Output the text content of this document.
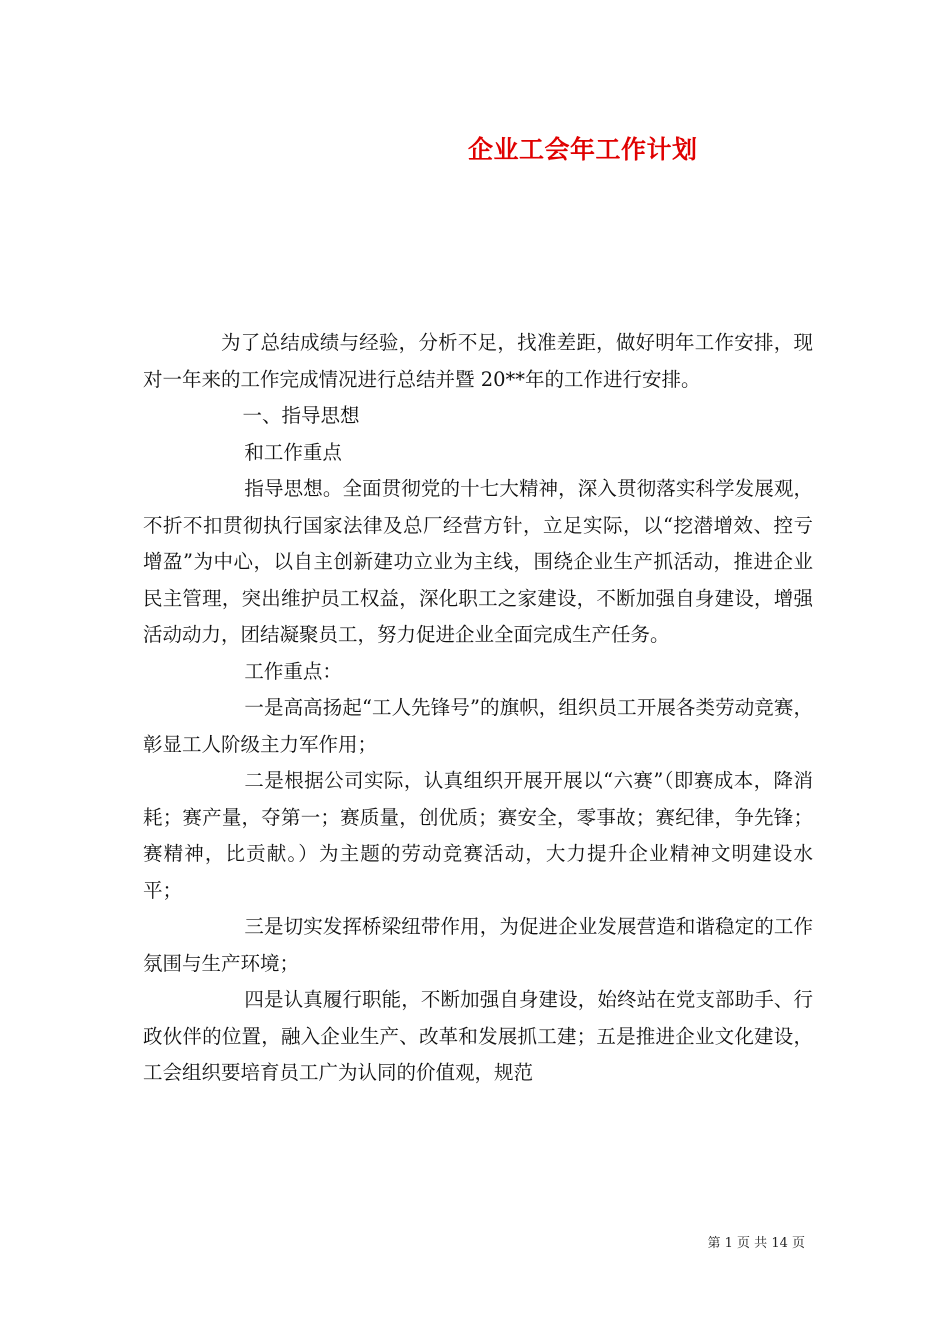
企业工会年工作计划

为了总结成绩与经验，分析不足，找准差距，做好明年工作安排，现对一年来的工作完成情况进行总结并暨 20**年的工作进行安排。

一、指导思想

和工作重点

指导思想。全面贯彻党的十七大精神，深入贯彻落实科学发展观，不折不扣贯彻执行国家法律及总厂经营方针，立足实际，以“挖潜增效、控亏增盈”为中心，以自主创新建功立业为主线，围绕企业生产抓活动，推进企业民主管理，突出维护员工权益，深化职工之家建设，不断加强自身建设，增强活动动力，团结凝聚员工，努力促进企业全面完成生产任务。

工作重点：

一是高高扬起“工人先锋号”的旗帜，组织员工开展各类劳动竞赛，彰显工人阶级主力军作用；

二是根据公司实际，认真组织开展开展以“六赛”（即赛成本，降消耗；赛产量，夺第一；赛质量，创优质；赛安全，零事故；赛纪律，争先锋；赛精神，比贡献。）为主题的劳动竞赛活动，大力提升企业精神文明建设水平；

三是切实发挥桥梁纽带作用，为促进企业发展营造和谐稳定的工作氛围与生产环境；

四是认真履行职能，不断加强自身建设，始终站在党支部助手、行政伙伴的位置，融入企业生产、改革和发展抓工建；五是推进企业文化建设，工会组织要培育员工广为认同的价值观，规范

第 1 页 共 14 页
